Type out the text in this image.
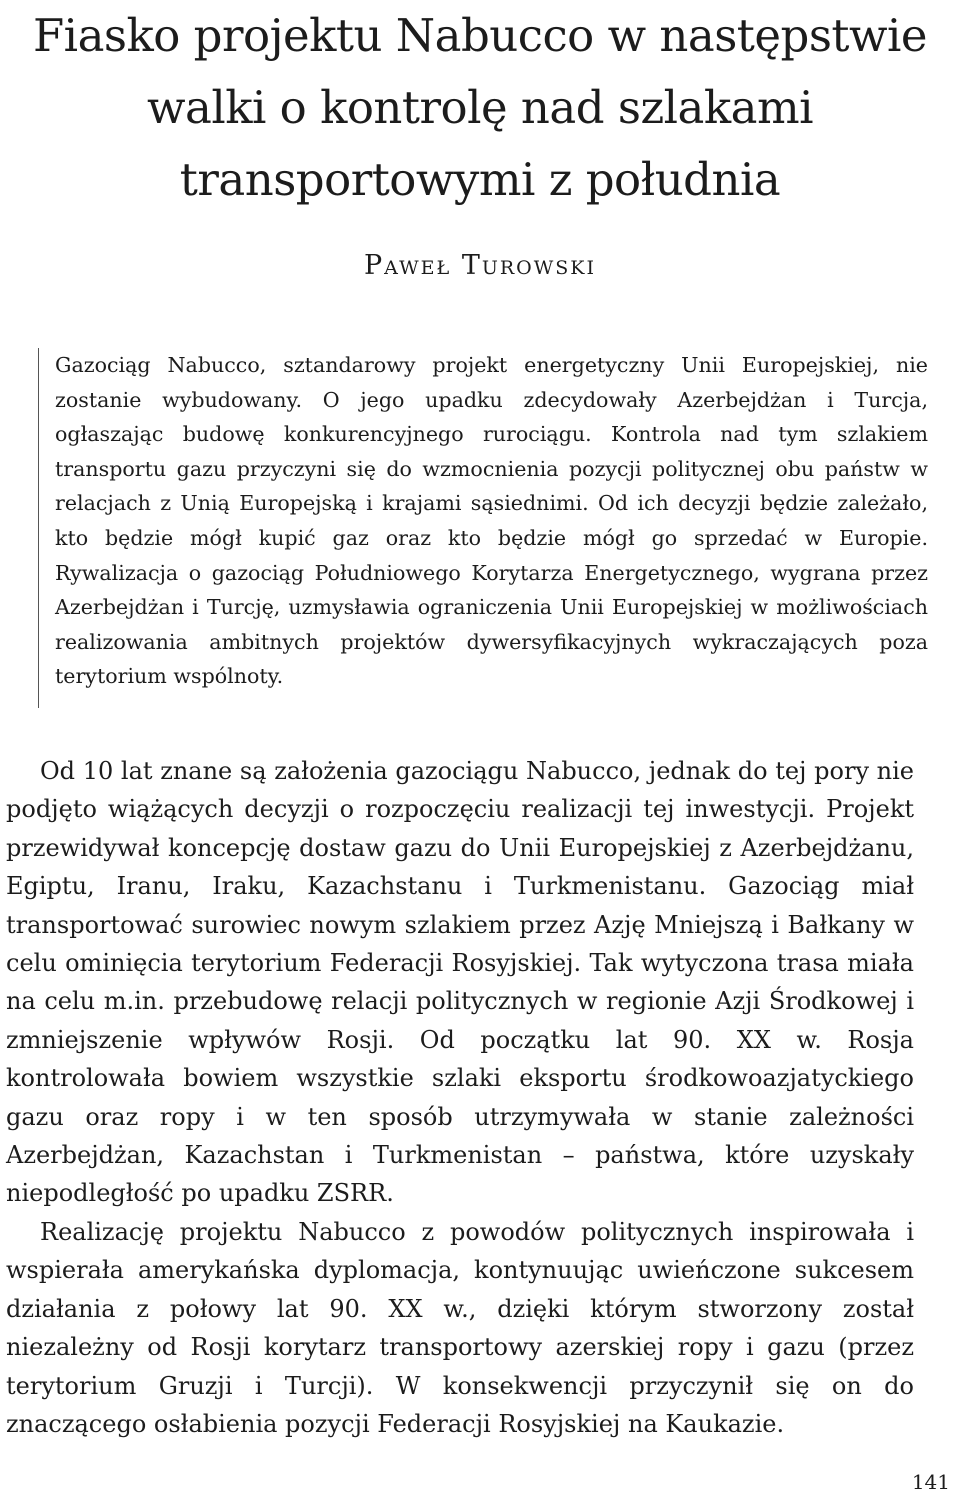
Fiasko projektu Nabucco w następstwie
walki o kontrolę nad szlakami
transportowymi z południa
Paweł Turowski

Gazociąg Nabucco, sztandarowy projekt energetyczny Unii Europejskiej, nie zostanie wybudowany. O jego upadku zdecydowały Azerbejdżan i Turcja, ogłaszając budowę konkurencyjnego rurociągu. Kontrola nad tym szlakiem transportu gazu przyczyni się do wzmocnienia pozycji politycznej obu państw w relacjach z Unią Europejską i krajami sąsiednimi. Od ich decyzji będzie zależało, kto będzie mógł kupić gaz oraz kto będzie mógł go sprzedać w Europie. Rywalizacja o gazociąg Południowego Korytarza Energetycznego, wygrana przez Azerbejdżan i Turcję, uzmysławia ograniczenia Unii Europejskiej w możliwościach realizowania ambitnych projektów dywersyfikacyjnych wykraczających poza terytorium wspólnoty.

Od 10 lat znane są założenia gazociągu Nabucco, jednak do tej pory nie podjęto wiążących decyzji o rozpoczęciu realizacji tej inwestycji. Projekt przewidywał koncepcję dostaw gazu do Unii Europejskiej z Azerbejdżanu, Egiptu, Iranu, Iraku, Kazachstanu i Turkmenistanu. Gazociąg miał transportować surowiec nowym szlakiem przez Azję Mniejszą i Bałkany w celu ominięcia terytorium Federacji Rosyjskiej. Tak wytyczona trasa miała na celu m.in. przebudowę relacji politycznych w regionie Azji Środkowej i zmniejszenie wpływów Rosji. Od początku lat 90. XX w. Rosja kontrolowała bowiem wszystkie szlaki eksportu środkowoazjatyckiego gazu oraz ropy i w ten sposób utrzymywała w stanie zależności Azerbejdżan, Kazachstan i Turkmenistan – państwa, które uzyskały niepodległość po upadku ZSRR.

Realizację projektu Nabucco z powodów politycznych inspirowała i wspierała amerykańska dyplomacja, kontynuując uwieńczone sukcesem działania z połowy lat 90. XX w., dzięki którym stworzony został niezależny od Rosji korytarz transportowy azerskiej ropy i gazu (przez terytorium Gruzji i Turcji). W konsekwencji przyczynił się on do znaczącego osłabienia pozycji Federacji Rosyjskiej na Kaukazie.

141
